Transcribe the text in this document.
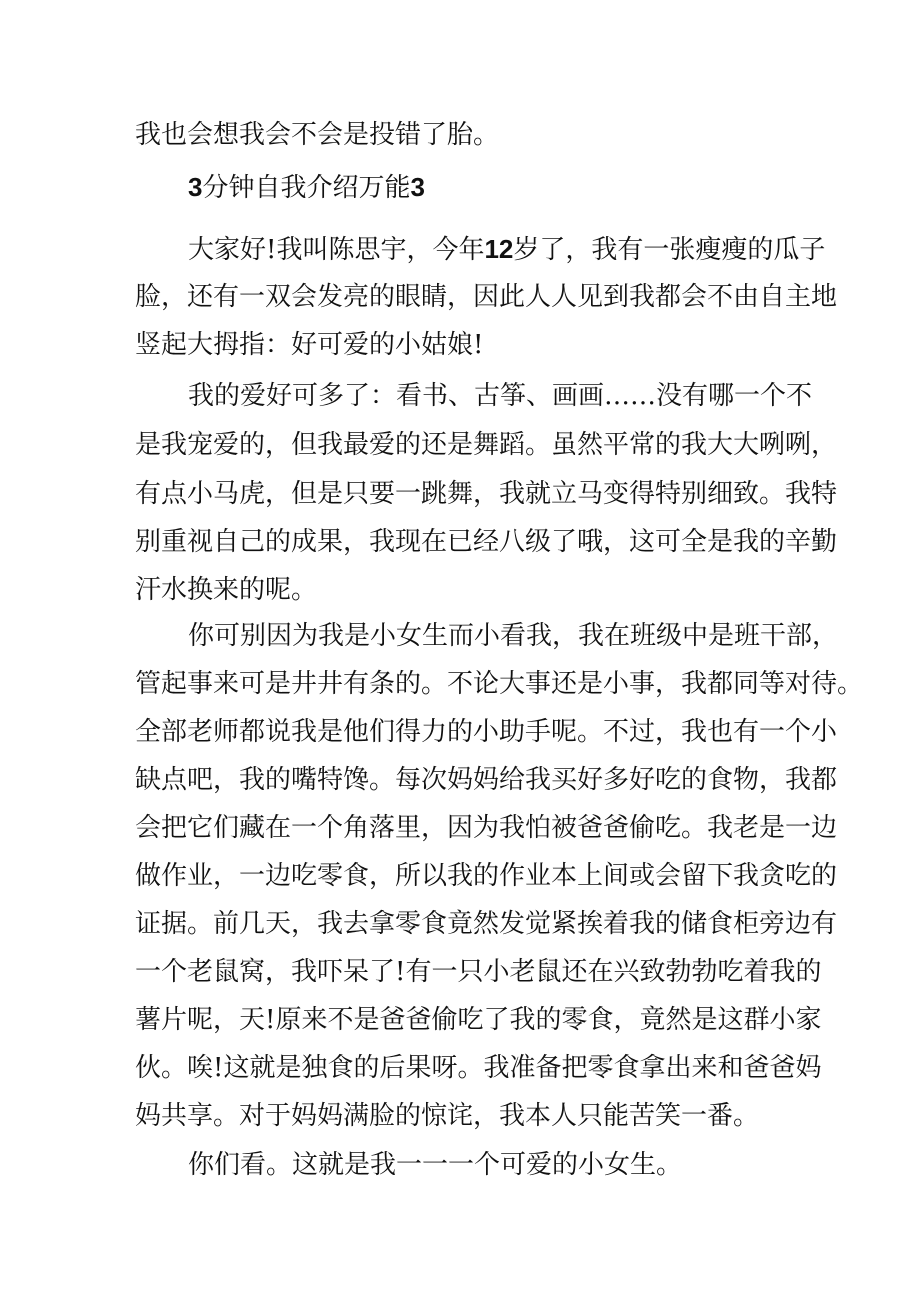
我也会想我会不会是投错了胎。
3分钟自我介绍万能3
大家好!我叫陈思宇，今年12岁了，我有一张瘦瘦的瓜子
脸，还有一双会发亮的眼睛，因此人人见到我都会不由自主地
竖起大拇指：好可爱的小姑娘!
我的爱好可多了：看书、古筝、画画……没有哪一个不
是我宠爱的，但我最爱的还是舞蹈。虽然平常的我大大咧咧，
有点小马虎，但是只要一跳舞，我就立马变得特别细致。我特
别重视自己的成果，我现在已经八级了哦，这可全是我的辛勤
汗水换来的呢。
你可别因为我是小女生而小看我，我在班级中是班干部，
管起事来可是井井有条的。不论大事还是小事，我都同等对待。
全部老师都说我是他们得力的小助手呢。不过，我也有一个小
缺点吧，我的嘴特馋。每次妈妈给我买好多好吃的食物，我都
会把它们藏在一个角落里，因为我怕被爸爸偷吃。我老是一边
做作业，一边吃零食，所以我的作业本上间或会留下我贪吃的
证据。前几天，我去拿零食竟然发觉紧挨着我的储食柜旁边有
一个老鼠窝，我吓呆了!有一只小老鼠还在兴致勃勃吃着我的
薯片呢，天!原来不是爸爸偷吃了我的零食，竟然是这群小家
伙。唉!这就是独食的后果呀。我准备把零食拿出来和爸爸妈
妈共享。对于妈妈满脸的惊诧，我本人只能苦笑一番。
你们看。这就是我一一一个可爱的小女生。
